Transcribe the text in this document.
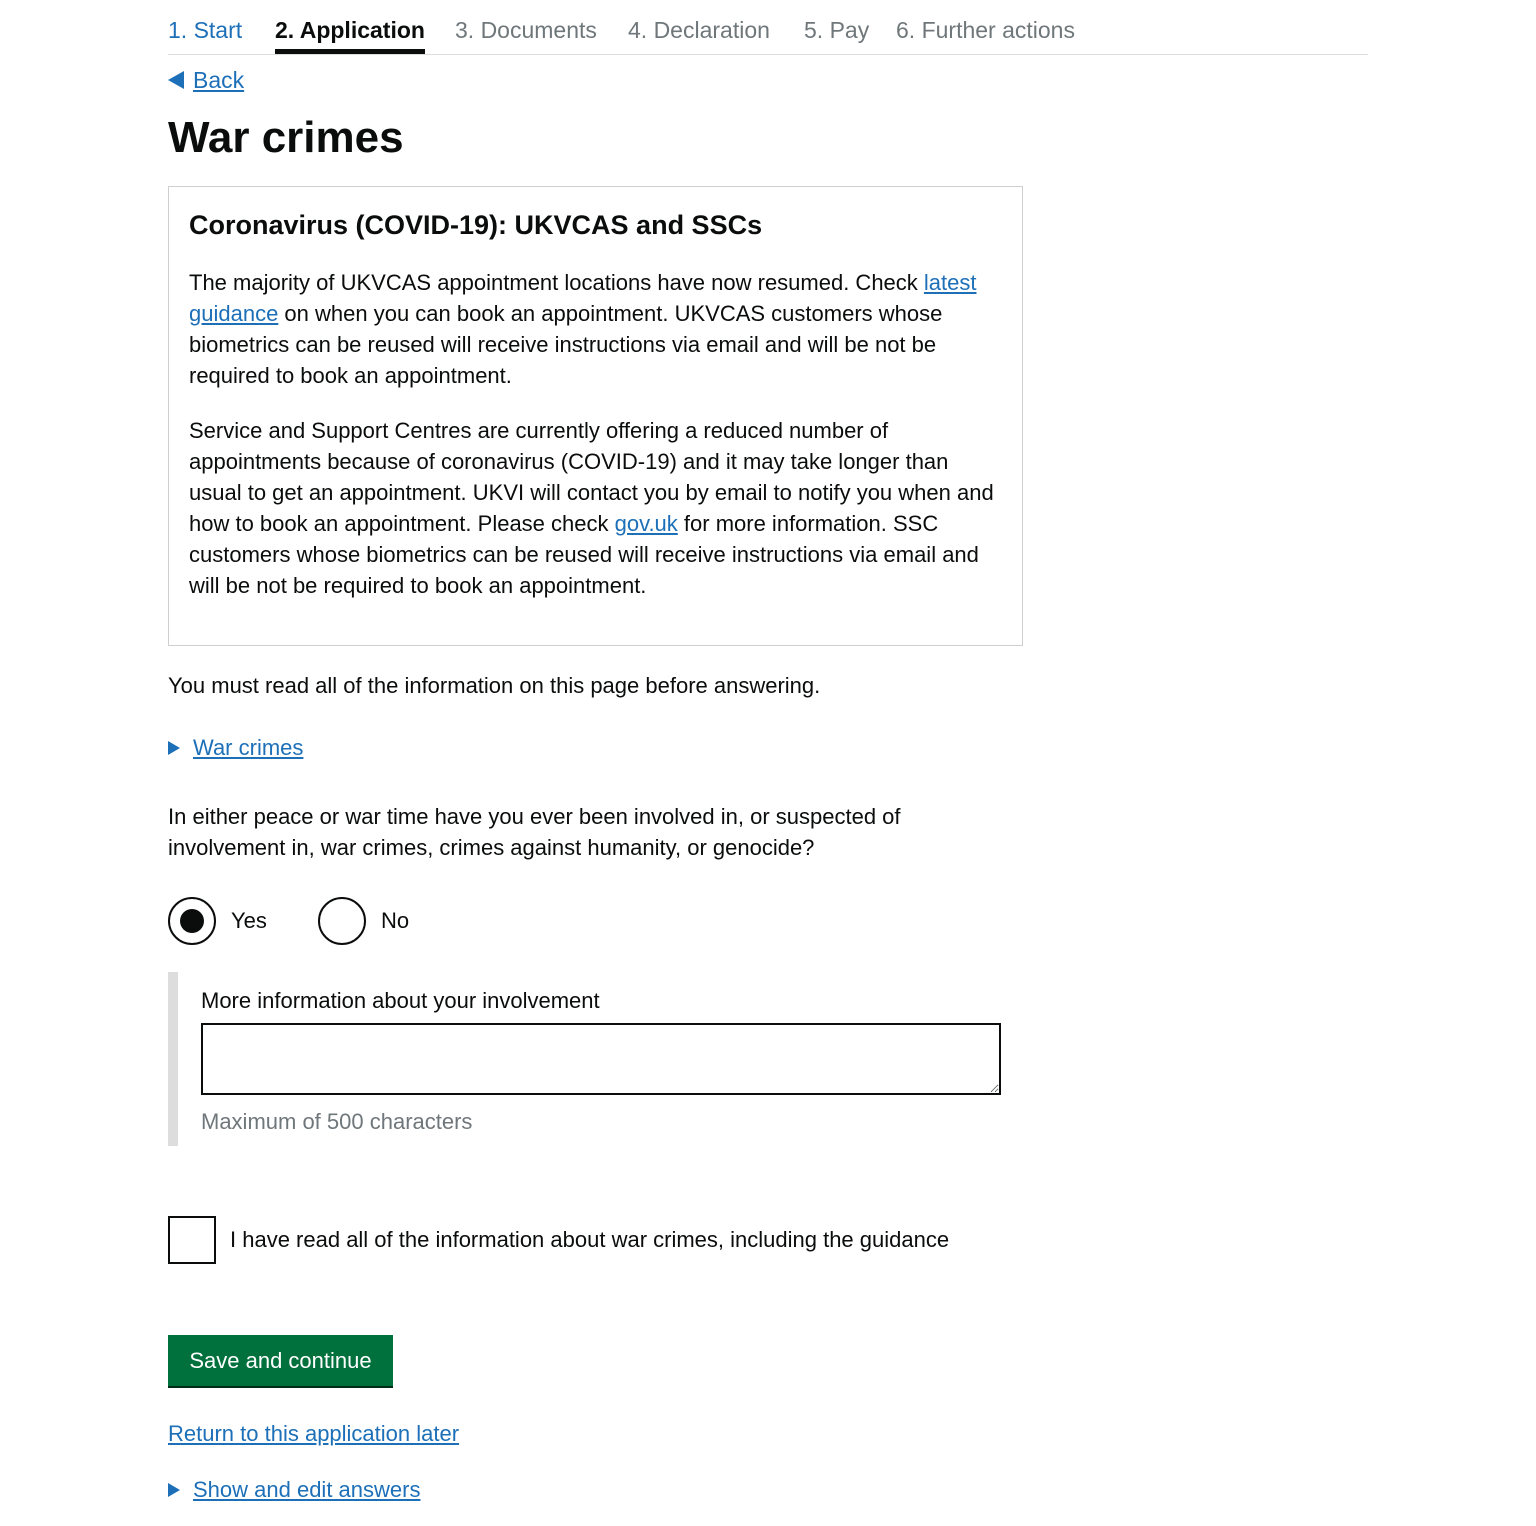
1. Start 2. Application 3. Documents 4. Declaration 5. Pay 6. Further actions
Back
War crimes
Coronavirus (COVID-19): UKVCAS and SSCs

The majority of UKVCAS appointment locations have now resumed. Check latest guidance on when you can book an appointment. UKVCAS customers whose biometrics can be reused will receive instructions via email and will be not be required to book an appointment.

Service and Support Centres are currently offering a reduced number of appointments because of coronavirus (COVID-19) and it may take longer than usual to get an appointment. UKVI will contact you by email to notify you when and how to book an appointment. Please check gov.uk for more information. SSC customers whose biometrics can be reused will receive instructions via email and will be not be required to book an appointment.

You must read all of the information on this page before answering.
War crimes
In either peace or war time have you ever been involved in, or suspected of involvement in, war crimes, crimes against humanity, or genocide?
Yes	No
More information about your involvement
Maximum of 500 characters
I have read all of the information about war crimes, including the guidance
Save and continue
Return to this application later
Show and edit answers
